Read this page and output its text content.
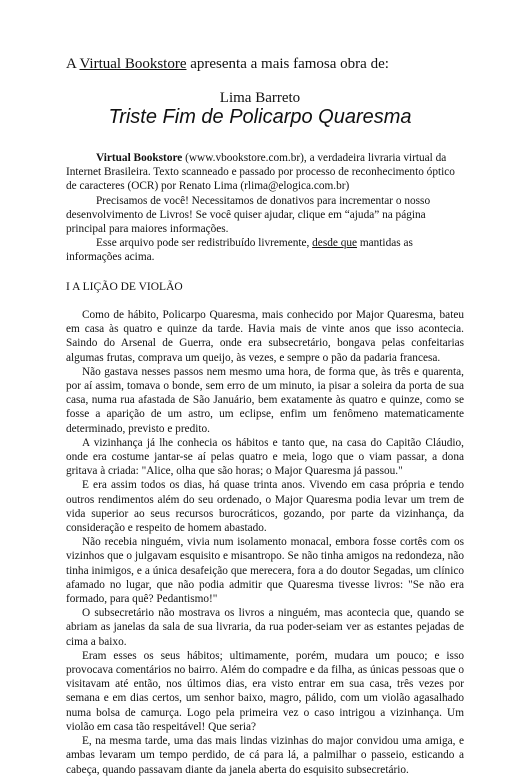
A Virtual Bookstore apresenta a mais famosa obra de:
Lima Barreto
Triste Fim de Policarpo Quaresma

Virtual Bookstore (www.vbookstore.com.br), a verdadeira livraria virtual da Internet Brasileira. Texto scanneado e passado por processo de reconhecimento óptico de caracteres (OCR) por Renato Lima (rlima@elogica.com.br)

Precisamos de você! Necessitamos de donativos para incrementar o nosso desenvolvimento de Livros! Se você quiser ajudar, clique em “ajuda” na página principal para maiores informações.

Esse arquivo pode ser redistribuído livremente, desde que mantidas as informações acima.

I A LIÇÃO DE VIOLÃO

Como de hábito, Policarpo Quaresma, mais conhecido por Major Quaresma, bateu em casa às quatro e quinze da tarde. Havia mais de vinte anos que isso acontecia. Saindo do Arsenal de Guerra, onde era subsecretário, bongava pelas confeitarias algumas frutas, comprava um queijo, às vezes, e sempre o pão da padaria francesa.

Não gastava nesses passos nem mesmo uma hora, de forma que, às três e quarenta, por aí assim, tomava o bonde, sem erro de um minuto, ia pisar a soleira da porta de sua casa, numa rua afastada de São Januário, bem exatamente às quatro e quinze, como se fosse a aparição de um astro, um eclipse, enfim um fenômeno matematicamente determinado, previsto e predito.

A vizinhança já lhe conhecia os hábitos e tanto que, na casa do Capitão Cláudio, onde era costume jantar-se aí pelas quatro e meia, logo que o viam passar, a dona gritava à criada: "Alice, olha que são horas; o Major Quaresma já passou."

E era assim todos os dias, há quase trinta anos. Vivendo em casa própria e tendo outros rendimentos além do seu ordenado, o Major Quaresma podia levar um trem de vida superior ao seus recursos burocráticos, gozando, por parte da vizinhança, da consideração e respeito de homem abastado.

Não recebia ninguém, vivia num isolamento monacal, embora fosse cortês com os vizinhos que o julgavam esquisito e misantropo. Se não tinha amigos na redondeza, não tinha inimigos, e a única desafeição que merecera, fora a do doutor Segadas, um clínico afamado no lugar, que não podia admitir que Quaresma tivesse livros: "Se não era formado, para quê? Pedantismo!"

O subsecretário não mostrava os livros a ninguém, mas acontecia que, quando se abriam as janelas da sala de sua livraria, da rua poder-seiam ver as estantes pejadas de cima a baixo.

Eram esses os seus hábitos; ultimamente, porém, mudara um pouco; e isso provocava comentários no bairro. Além do compadre e da filha, as únicas pessoas que o visitavam até então, nos últimos dias, era visto entrar em sua casa, três vezes por semana e em dias certos, um senhor baixo, magro, pálido, com um violão agasalhado numa bolsa de camurça. Logo pela primeira vez o caso intrigou a vizinhança. Um violão em casa tão respeitável! Que seria?

E, na mesma tarde, uma das mais lindas vizinhas do major convidou uma amiga, e ambas levaram um tempo perdido, de cá para lá, a palmilhar o passeio, esticando a cabeça, quando passavam diante da janela aberta do esquisito subsecretário.
